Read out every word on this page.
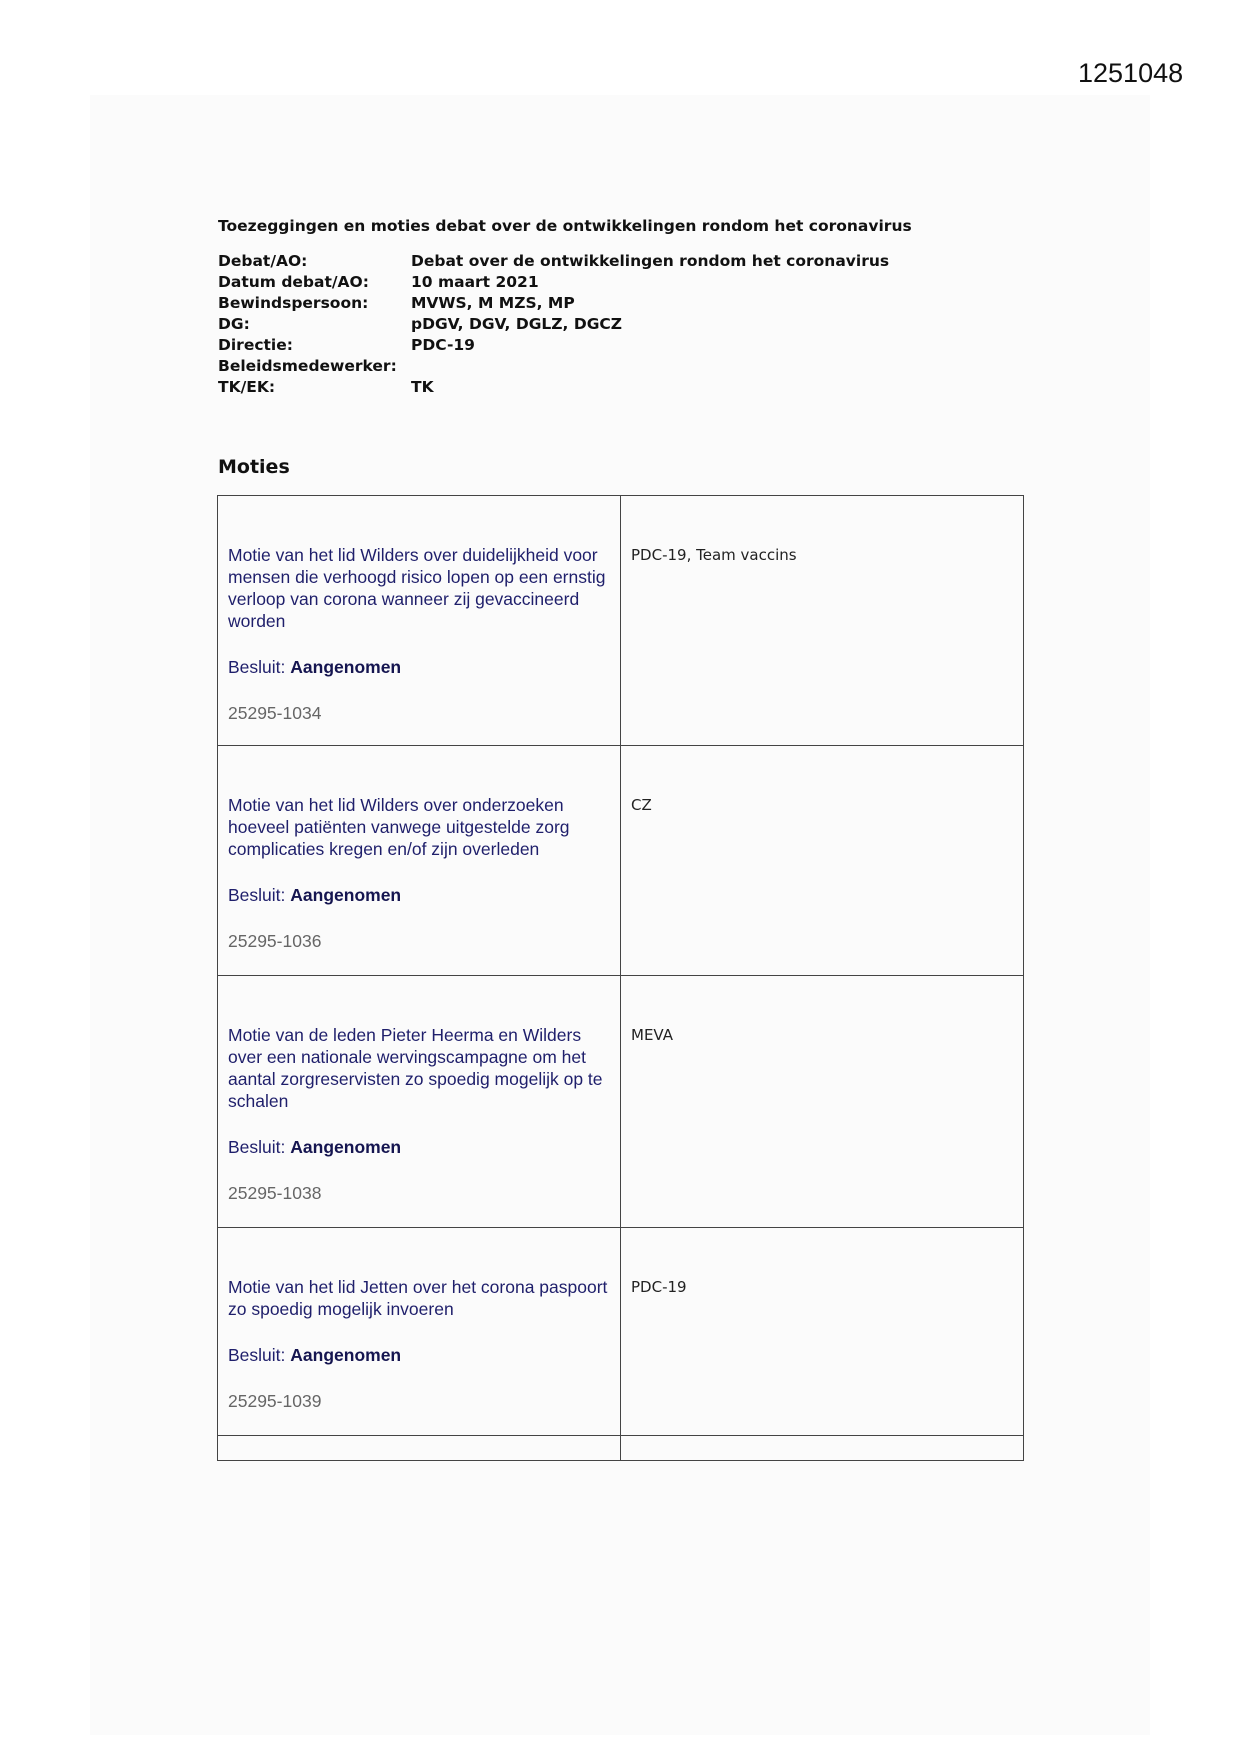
1251048
Toezeggingen en moties debat over de ontwikkelingen rondom het coronavirus
Debat/AO:	Debat over de ontwikkelingen rondom het coronavirus
Datum debat/AO:	10 maart 2021
Bewindspersoon:	MVWS, M MZS, MP
DG:	pDGV, DGV, DGLZ, DGCZ
Directie:	PDC-19
Beleidsmedewerker:
TK/EK:	TK
Moties

Motie van het lid Wilders over duidelijkheid voor mensen die verhoogd risico lopen op een ernstig verloop van corona wanneer zij gevaccineerd worden

Besluit: Aangenomen
25295-1034	PDC-19, Team vaccins

Motie van het lid Wilders over onderzoeken hoeveel patiënten vanwege uitgestelde zorg complicaties kregen en/of zijn overleden

Besluit: Aangenomen
25295-1036	CZ

Motie van de leden Pieter Heerma en Wilders over een nationale wervingscampagne om het aantal zorgreservisten zo spoedig mogelijk op te schalen

Besluit: Aangenomen
25295-1038	MEVA

Motie van het lid Jetten over het corona paspoort zo spoedig mogelijk invoeren

Besluit: Aangenomen
25295-1039	PDC-19
